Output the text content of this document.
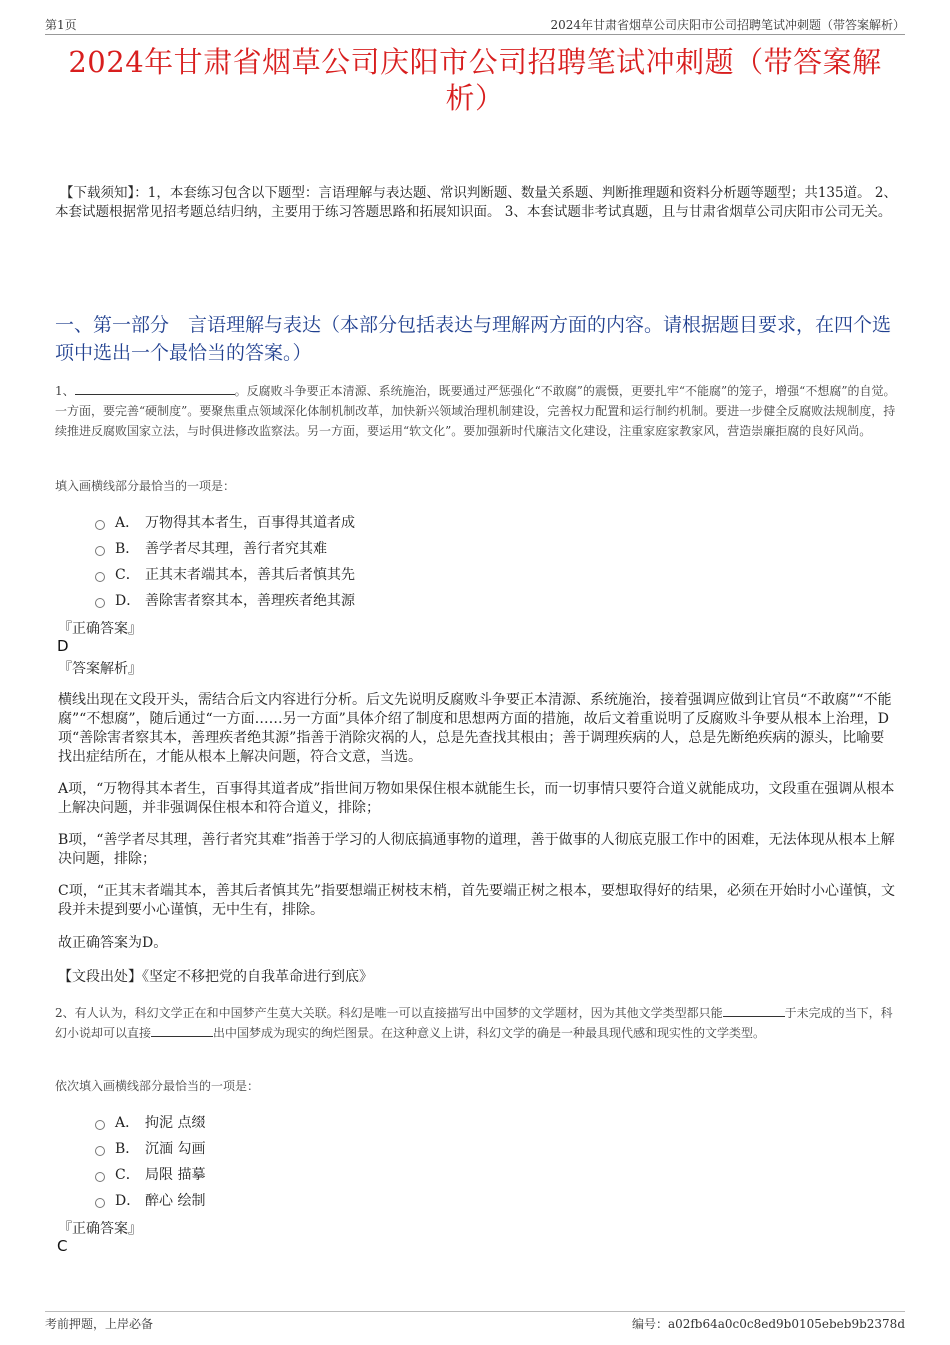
第1页	2024年甘肃省烟草公司庆阳市公司招聘笔试冲刺题（带答案解析）
2024年甘肃省烟草公司庆阳市公司招聘笔试冲刺题（带答案解析）
【下载须知】：1，本套练习包含以下题型：言语理解与表达题、常识判断题、数量关系题、判断推理题和资料分析题等题型；共135道。 2、本套试题根据常见招考题总结归纳，主要用于练习答题思路和拓展知识面。 3、本套试题非考试真题，且与甘肃省烟草公司庆阳市公司无关。
一、第一部分　言语理解与表达（本部分包括表达与理解两方面的内容。请根据题目要求，在四个选项中选出一个最恰当的答案。）
1、	。反腐败斗争要正本清源、系统施治，既要通过严惩强化“不敢腐”的震慑，更要扎牢“不能腐”的笼子，增强“不想腐”的自觉。一方面，要完善“硬制度”。要聚焦重点领域深化体制机制改革，加快新兴领域治理机制建设，完善权力配置和运行制约机制。要进一步健全反腐败法规制度，持续推进反腐败国家立法，与时俱进修改监察法。另一方面，要运用“软文化”。要加强新时代廉洁文化建设，注重家庭家教家风，营造崇廉拒腐的良好风尚。
填入画横线部分最恰当的一项是：
A． 万物得其本者生，百事得其道者成
B． 善学者尽其理，善行者究其难
C． 正其末者端其本，善其后者慎其先
D． 善除害者察其本，善理疾者绝其源
『正确答案』
D
『答案解析』
横线出现在文段开头，需结合后文内容进行分析。后文先说明反腐败斗争要正本清源、系统施治，接着强调应做到让官员“不敢腐”“不能腐”“不想腐”，随后通过“一方面……另一方面”具体介绍了制度和思想两方面的措施，故后文着重说明了反腐败斗争要从根本上治理，D项“善除害者察其本，善理疾者绝其源”指善于消除灾祸的人，总是先查找其根由；善于调理疾病的人，总是先断绝疾病的源头，比喻要找出症结所在，才能从根本上解决问题，符合文意，当选。
A项，“万物得其本者生，百事得其道者成”指世间万物如果保住根本就能生长，而一切事情只要符合道义就能成功，文段重在强调从根本上解决问题，并非强调保住根本和符合道义，排除；
B项，“善学者尽其理，善行者究其难”指善于学习的人彻底搞通事物的道理，善于做事的人彻底克服工作中的困难，无法体现从根本上解决问题，排除；
C项，“正其末者端其本，善其后者慎其先”指要想端正树枝末梢，首先要端正树之根本，要想取得好的结果，必须在开始时小心谨慎，文段并未提到要小心谨慎，无中生有，排除。
故正确答案为D。
【文段出处】《坚定不移把党的自我革命进行到底》
2、有人认为，科幻文学正在和中国梦产生莫大关联。科幻是唯一可以直接描写出中国梦的文学题材，因为其他文学类型都只能	于未完成的当下，科幻小说却可以直接	出中国梦成为现实的绚烂图景。在这种意义上讲，科幻文学的确是一种最具现代感和现实性的文学类型。
依次填入画横线部分最恰当的一项是：
A． 拘泥 点缀
B． 沉湎 勾画
C． 局限 描摹
D． 醉心 绘制
『正确答案』
C
考前押题，上岸必备	编号：a02fb64a0c0c8ed9b0105ebeb9b2378d
